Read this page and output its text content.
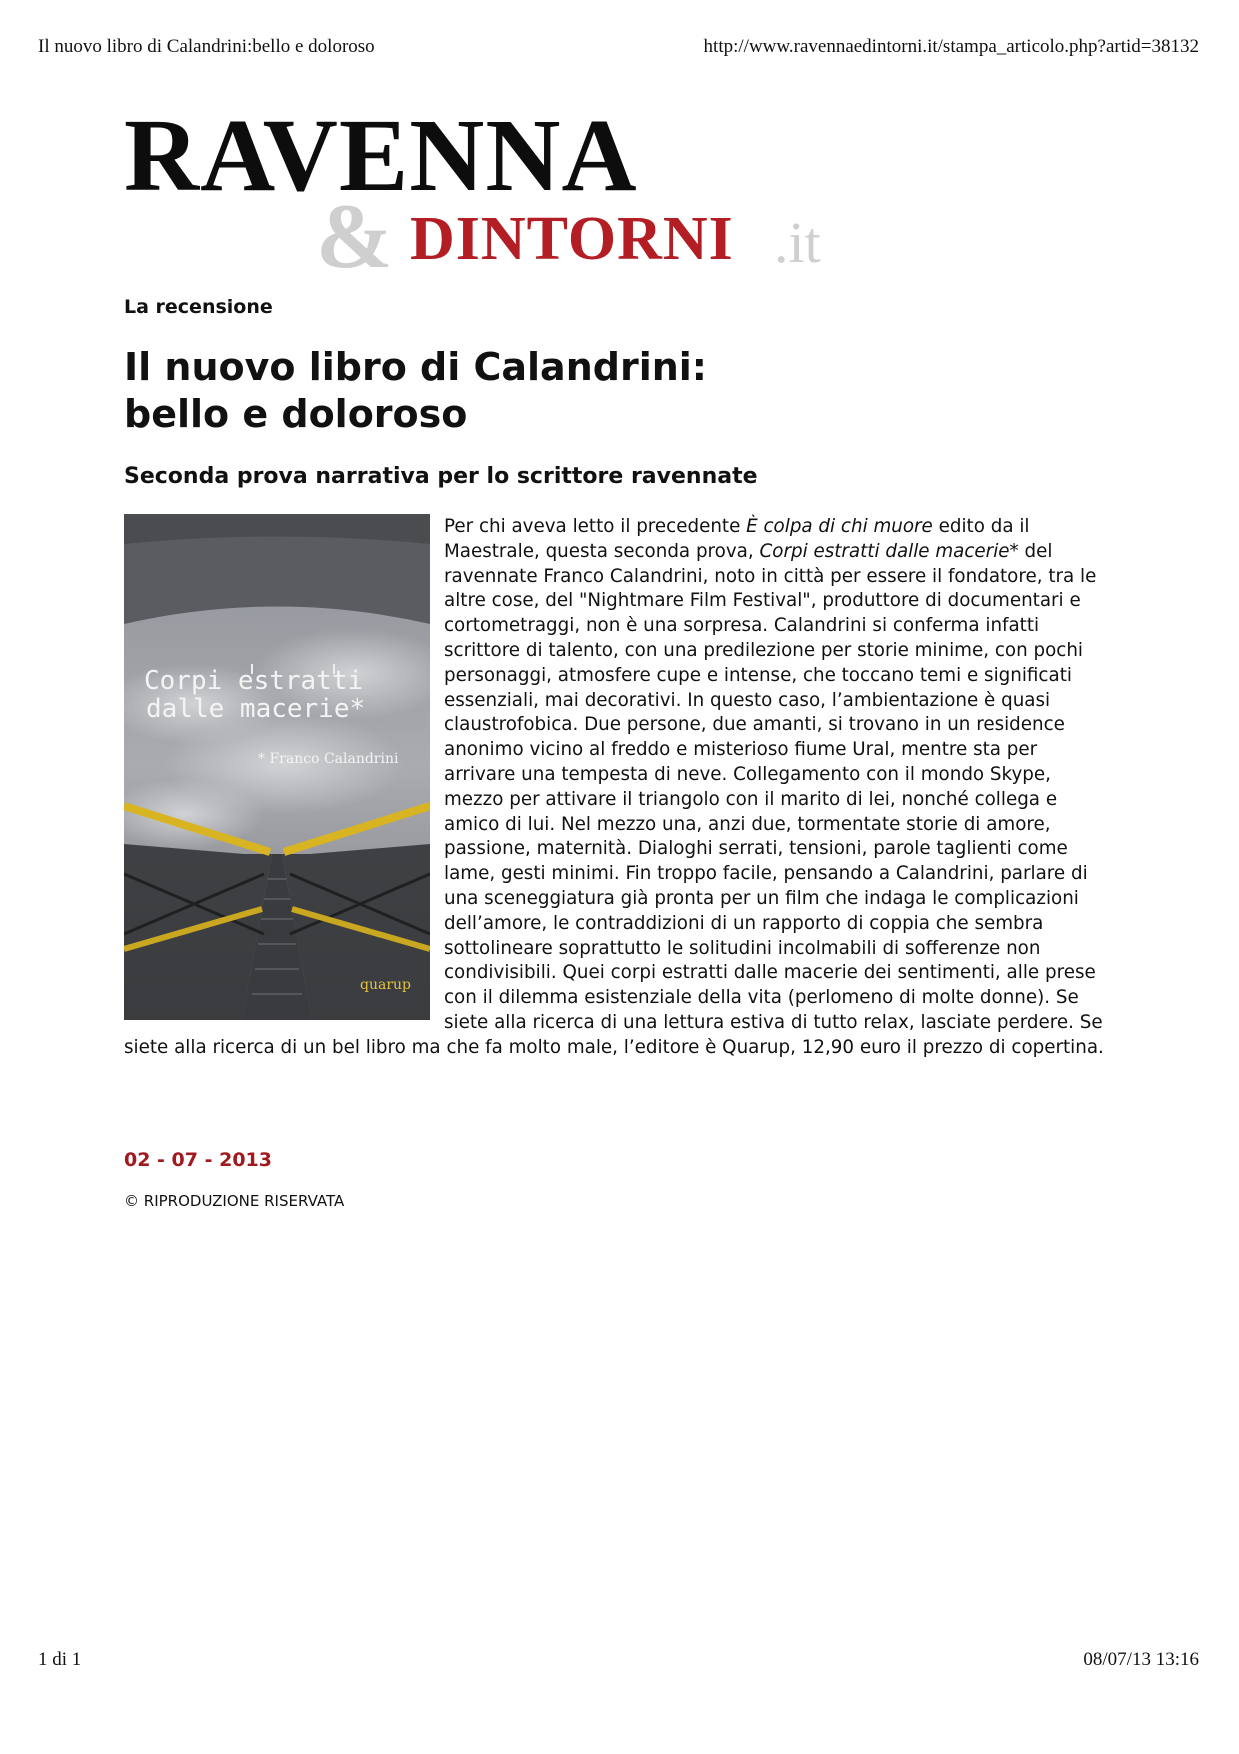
Il nuovo libro di Calandrini:bello e doloroso	http://www.ravennaedintorni.it/stampa_articolo.php?artid=38132
&
RAVENNA
DINTORNI .it
La recensione
Il nuovo libro di Calandrini:
bello e doloroso
Seconda prova narrativa per lo scrittore ravennate
Corpi estratti
dalle macerie*
* Franco Calandrini
quarup

Per chi aveva letto il precedente È colpa di chi muore edito da il Maestrale, questa seconda prova, Corpi estratti dalle macerie* del ravennate Franco Calandrini, noto in città per essere il fondatore, tra le altre cose, del "Nightmare Film Festival", produttore di documentari e cortometraggi, non è una sorpresa. Calandrini si conferma infatti scrittore di talento, con una predilezione per storie minime, con pochi personaggi, atmosfere cupe e intense, che toccano temi e significati essenziali, mai decorativi. In questo caso, l’ambientazione è quasi claustrofobica. Due persone, due amanti, si trovano in un residence anonimo vicino al freddo e misterioso fiume Ural, mentre sta per arrivare una tempesta di neve. Collegamento con il mondo Skype, mezzo per attivare il triangolo con il marito di lei, nonché collega e amico di lui. Nel mezzo una, anzi due, tormentate storie di amore, passione, maternità. Dialoghi serrati, tensioni, parole taglienti come lame, gesti minimi. Fin troppo facile, pensando a Calandrini, parlare di una sceneggiatura già pronta per un film che indaga le complicazioni dell’amore, le contraddizioni di un rapporto di coppia che sembra sottolineare soprattutto le solitudini incolmabili di sofferenze non condivisibili. Quei corpi estratti dalle macerie dei sentimenti, alle prese con il dilemma esistenziale della vita (perlomeno di molte donne). Se siete alla ricerca di una lettura estiva di tutto relax, lasciate perdere. Se siete alla ricerca di un bel libro ma che fa molto male, l’editore è Quarup, 12,90 euro il prezzo di copertina.

02 - 07 - 2013
© RIPRODUZIONE RISERVATA
1 di 1	08/07/13 13:16
